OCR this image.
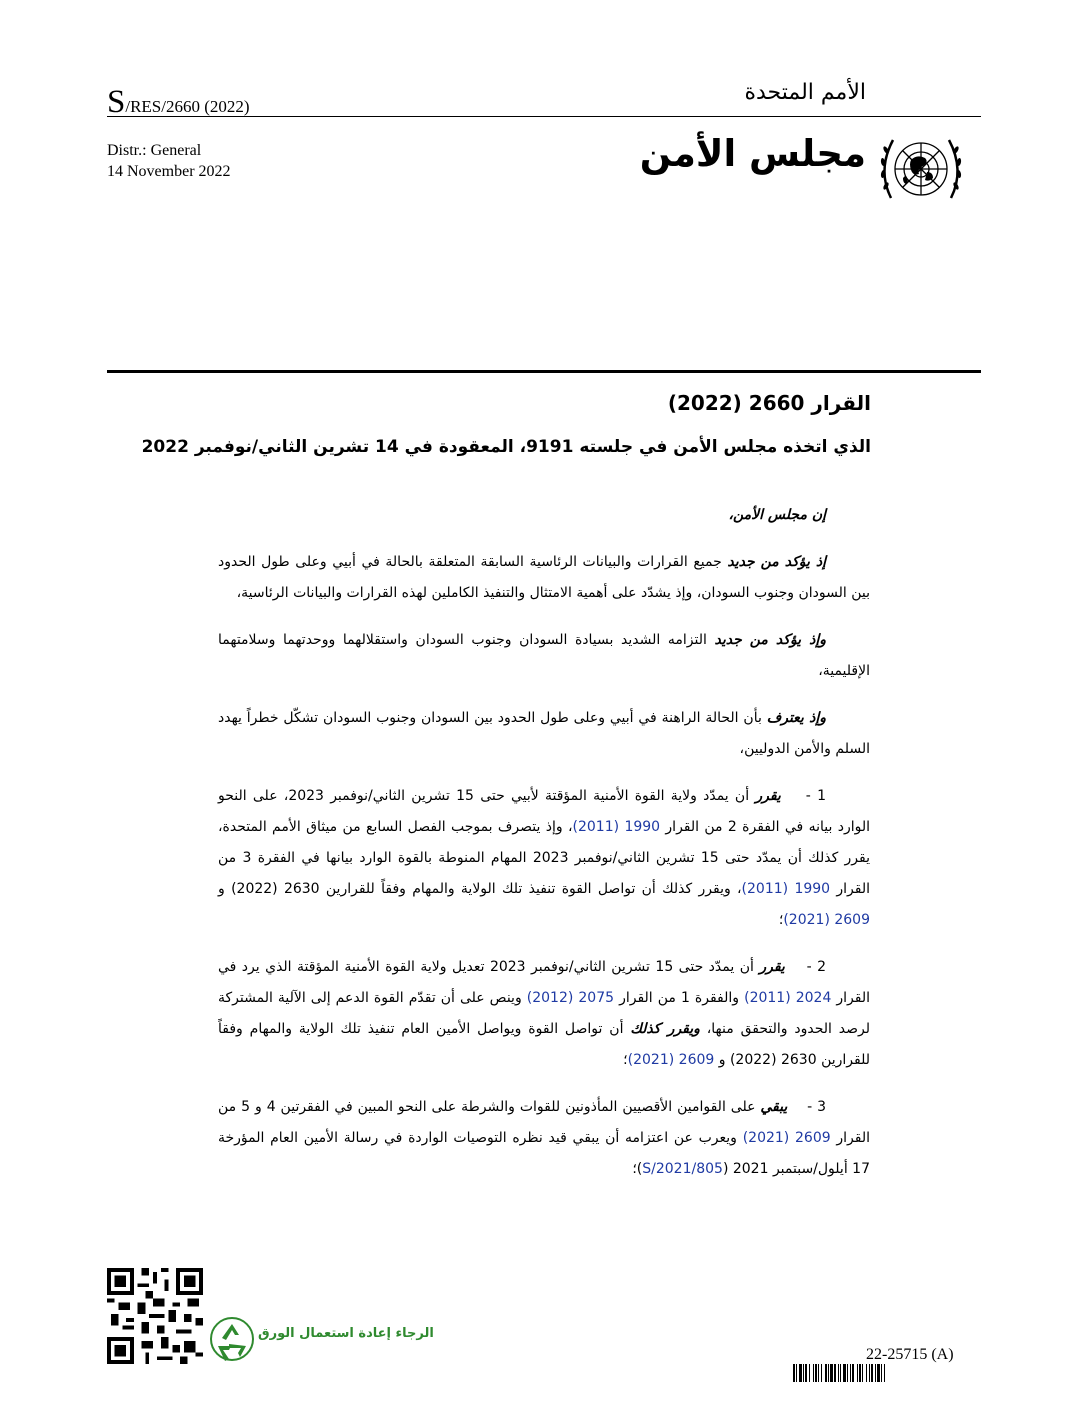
S/RES/2660 (2022)
الأمم المتحدة
Distr.: General
14 November 2022	مجلس الأمن
القرار 2660 (2022)
الذي اتخذه مجلس الأمن في جلسته 9191، المعقودة في 14 تشرين الثاني/نوفمبر 2022

إن مجلس الأمن،

إذ يؤكد من جديد جميع القرارات والبيانات الرئاسية السابقة المتعلقة بالحالة في أبيي وعلى طول الحدود بين السودان وجنوب السودان، وإذ يشدّد على أهمية الامتثال والتنفيذ الكاملين لهذه القرارات والبيانات الرئاسية،

وإذ يؤكد من جديد التزامه الشديد بسيادة السودان وجنوب السودان واستقلالهما ووحدتهما وسلامتهما الإقليمية،

وإذ يعترف بأن الحالة الراهنة في أبيي وعلى طول الحدود بين السودان وجنوب السودان تشكّل خطراً يهدد السلم والأمن الدوليين،

1 -    يقرر أن يمدّد ولاية القوة الأمنية المؤقتة لأبيي حتى 15 تشرين الثاني/نوفمبر 2023، على النحو الوارد بيانه في الفقرة 2 من القرار 1990 (2011)، وإذ يتصرف بموجب الفصل السابع من ميثاق الأمم المتحدة، يقرر كذلك أن يمدّد حتى 15 تشرين الثاني/نوفمبر 2023 المهام المنوطة بالقوة الوارد بيانها في الفقرة 3 من القرار 1990 (2011)، ويقرر كذلك أن تواصل القوة تنفيذ تلك الولاية والمهام وفقاً للقرارين 2630 (2022) و 2609 (2021)؛

2 -    يقرر أن يمدّد حتى 15 تشرين الثاني/نوفمبر 2023 تعديل ولاية القوة الأمنية المؤقتة الذي يرد في القرار 2024 (2011) والفقرة 1 من القرار 2075 (2012) وينص على أن تقدّم القوة الدعم إلى الآلية المشتركة لرصد الحدود والتحقق منها، ويقرر كذلك أن تواصل القوة ويواصل الأمين العام تنفيذ تلك الولاية والمهام وفقاً للقرارين 2630 (2022) و 2609 (2021)؛

3 -    يبقي على القوامين الأقصيين المأذونين للقوات والشرطة على النحو المبين في الفقرتين 4 و 5 من القرار 2609 (2021) ويعرب عن اعتزامه أن يبقي قيد نظره التوصيات الواردة في رسالة الأمين العام المؤرخة 17 أيلول/سبتمبر 2021 (S/2021/805)؛

الرجاء إعادة استعمال الورق
22-25715 (A)
